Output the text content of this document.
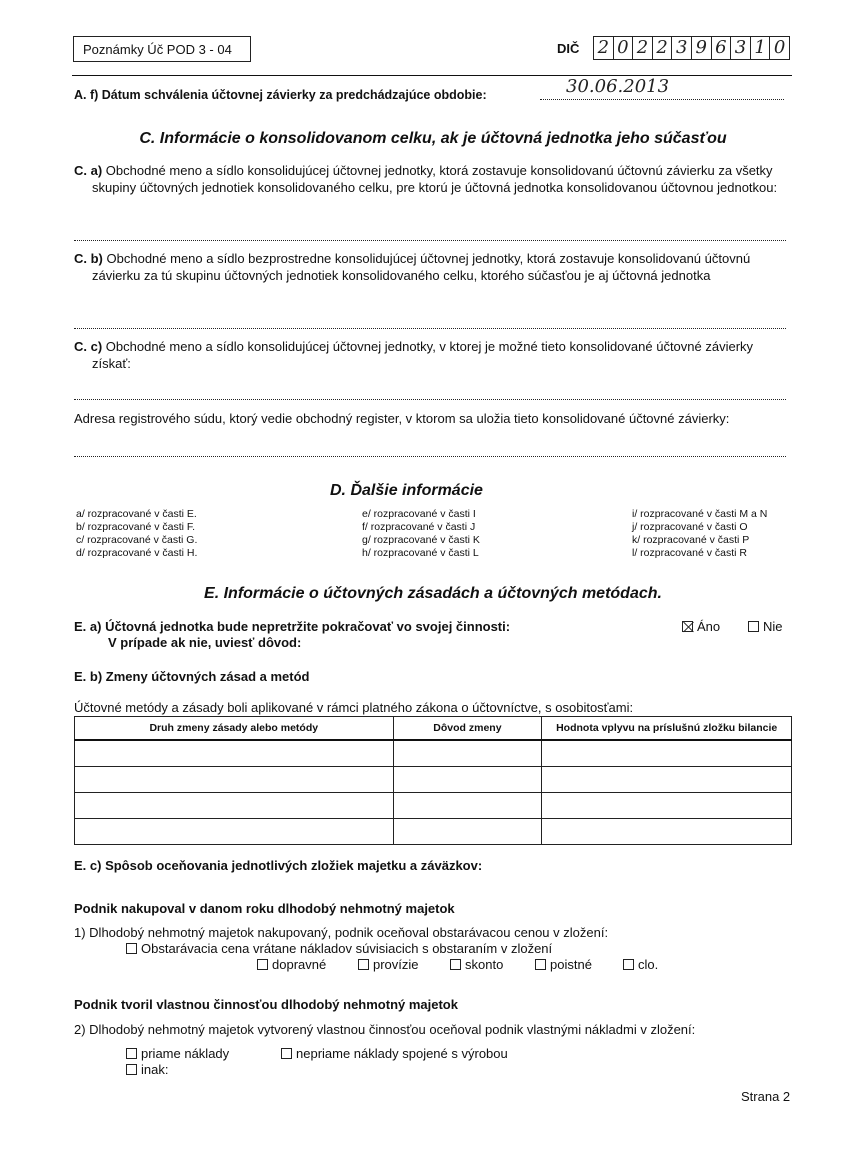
Poznámky Úč POD 3 - 04	DIČ 2 0 2 2 3 9 6 3 1 0
A. f) Dátum schválenia účtovnej závierky za predchádzajúce obdobie:	30.06.2013
C. Informácie o konsolidovanom celku, ak je účtovná jednotka jeho súčasťou
C. a) Obchodné meno a sídlo konsolidujúcej účtovnej jednotky, ktorá zostavuje konsolidovanú účtovnú závierku za všetky skupiny účtovných jednotiek konsolidovaného celku, pre ktorú je účtovná jednotka konsolidovanou účtovnou jednotkou:
C. b) Obchodné meno a sídlo bezprostredne konsolidujúcej účtovnej jednotky, ktorá zostavuje konsolidovanú účtovnú závierku za tú skupinu účtovných jednotiek konsolidovaného celku, ktorého súčasťou je aj účtovná jednotka
C. c) Obchodné meno a sídlo konsolidujúcej účtovnej jednotky, v ktorej je možné tieto konsolidované účtovné závierky získať:
Adresa registrového súdu, ktorý vedie obchodný register, v ktorom sa uložia tieto konsolidované účtovné závierky:
D. Ďalšie informácie
a/ rozpracované v časti E.
b/ rozpracované v časti F.
c/ rozpracované v časti G.
d/ rozpracované v časti H.
e/ rozpracované v časti I
f/ rozpracované v časti J
g/ rozpracované v časti K
h/ rozpracované v časti L
i/ rozpracované v časti M a N
j/ rozpracované v časti O
k/ rozpracované v časti P
l/ rozpracované v časti R
E. Informácie o účtovných zásadách a účtovných metódach.
E. a) Účtovná jednotka bude nepretržite pokračovať vo svojej činnosti:
V prípade ak nie, uviesť dôvod:
Áno	Nie
E. b) Zmeny účtovných zásad a metód
Účtovné metódy a zásady boli aplikované v rámci platného zákona o účtovníctve, s osobitosťami:
Druh zmeny zásady alebo metódy	Dôvod zmeny	Hodnota vplyvu na príslušnú zložku bilancie

E. c) Spôsob oceňovania jednotlivých zložiek majetku a záväzkov:
Podnik nakupoval v danom roku dlhodobý nehmotný majetok
1) Dlhodobý nehmotný majetok nakupovaný, podnik oceňoval obstarávacou cenou v zložení:
Obstarávacia cena vrátane nákladov súvisiacich s obstaraním v zložení
dopravné	provízie	skonto	poistné	clo.
Podnik tvoril vlastnou činnosťou dlhodobý nehmotný majetok
2) Dlhodobý nehmotný majetok vytvorený vlastnou činnosťou oceňoval podnik vlastnými nákladmi v zložení:
priame náklady	nepriame náklady spojené s výrobou
inak:
Strana 2
